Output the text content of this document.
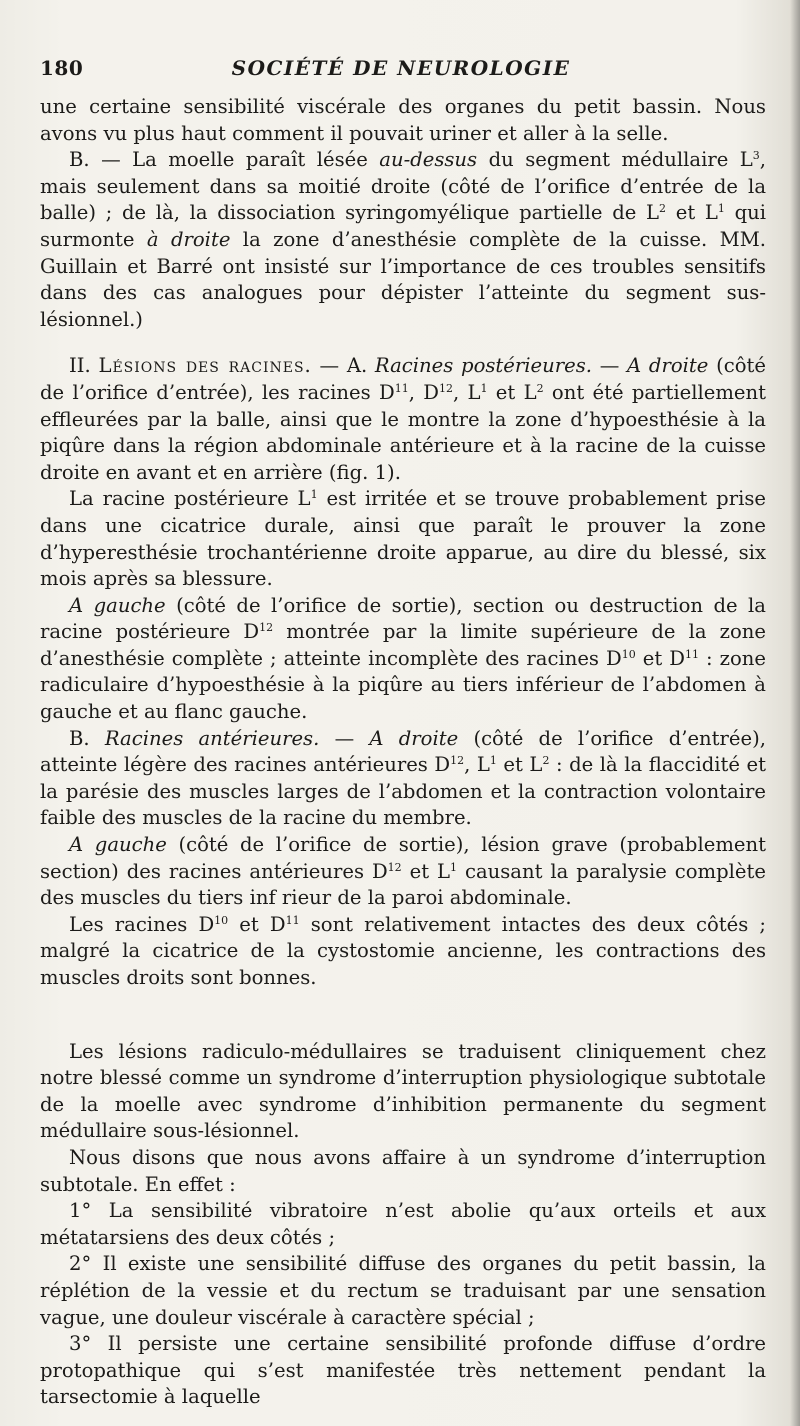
180	SOCIÉTÉ DE NEUROLOGIE

une certaine sensibilité viscérale des organes du petit bassin. Nous avons vu plus haut comment il pouvait uriner et aller à la selle.

B. — La moelle paraît lésée au-dessus du segment médullaire $L^3$, mais seulement dans sa moitié droite (côté de l’orifice d’entrée de la balle) ; de là, la dissociation syringomyélique partielle de $L^2$ et $L^1$ qui surmonte à droite la zone d’anesthésie complète de la cuisse. MM. Guillain et Barré ont insisté sur l’importance de ces troubles sensitifs dans des cas analogues pour dépister l’atteinte du segment sus-lésionnel.)

II. Lésions des racines. — A. Racines postérieures. — A droite (côté de l’orifice d’entrée), les racines $D^{11}$, $D^{12}$, $L^1$ et $L^2$ ont été partiellement effleurées par la balle, ainsi que le montre la zone d’hypoesthésie à la piqûre dans la région abdominale antérieure et à la racine de la cuisse droite en avant et en arrière (fig. 1).

La racine postérieure $L^1$ est irritée et se trouve probablement prise dans une cicatrice durale, ainsi que paraît le prouver la zone d’hyperesthésie trochantérienne droite apparue, au dire du blessé, six mois après sa blessure.

A gauche (côté de l’orifice de sortie), section ou destruction de la racine postérieure $D^{12}$ montrée par la limite supérieure de la zone d’anesthésie complète ; atteinte incomplète des racines $D^{10}$ et $D^{11}$ : zone radiculaire d’hypoesthésie à la piqûre au tiers inférieur de l’abdomen à gauche et au flanc gauche.

B. Racines antérieures. — A droite (côté de l’orifice d’entrée), atteinte légère des racines antérieures $D^{12}$, $L^1$ et $L^2$ : de là la flaccidité et la parésie des muscles larges de l’abdomen et la contraction volontaire faible des muscles de la racine du membre.

A gauche (côté de l’orifice de sortie), lésion grave (probablement section) des racines antérieures $D^{12}$ et $L^1$ causant la paralysie complète des muscles du tiers inf rieur de la paroi abdominale.

Les racines $D^{10}$ et $D^{11}$ sont relativement intactes des deux côtés ; malgré la cicatrice de la cystostomie ancienne, les contractions des muscles droits sont bonnes.

Les lésions radiculo-médullaires se traduisent cliniquement chez notre blessé comme un syndrome d’interruption physiologique subtotale de la moelle avec syndrome d’inhibition permanente du segment médullaire sous-lésionnel.

Nous disons que nous avons affaire à un syndrome d’interruption subtotale. En effet :

1° La sensibilité vibratoire n’est abolie qu’aux orteils et aux métatarsiens des deux côtés ;

2° Il existe une sensibilité diffuse des organes du petit bassin, la réplétion de la vessie et du rectum se traduisant par une sensation vague, une douleur viscérale à caractère spécial ;

3° Il persiste une certaine sensibilité profonde diffuse d’ordre protopathique qui s’est manifestée très nettement pendant la tarsectomie à laquelle
